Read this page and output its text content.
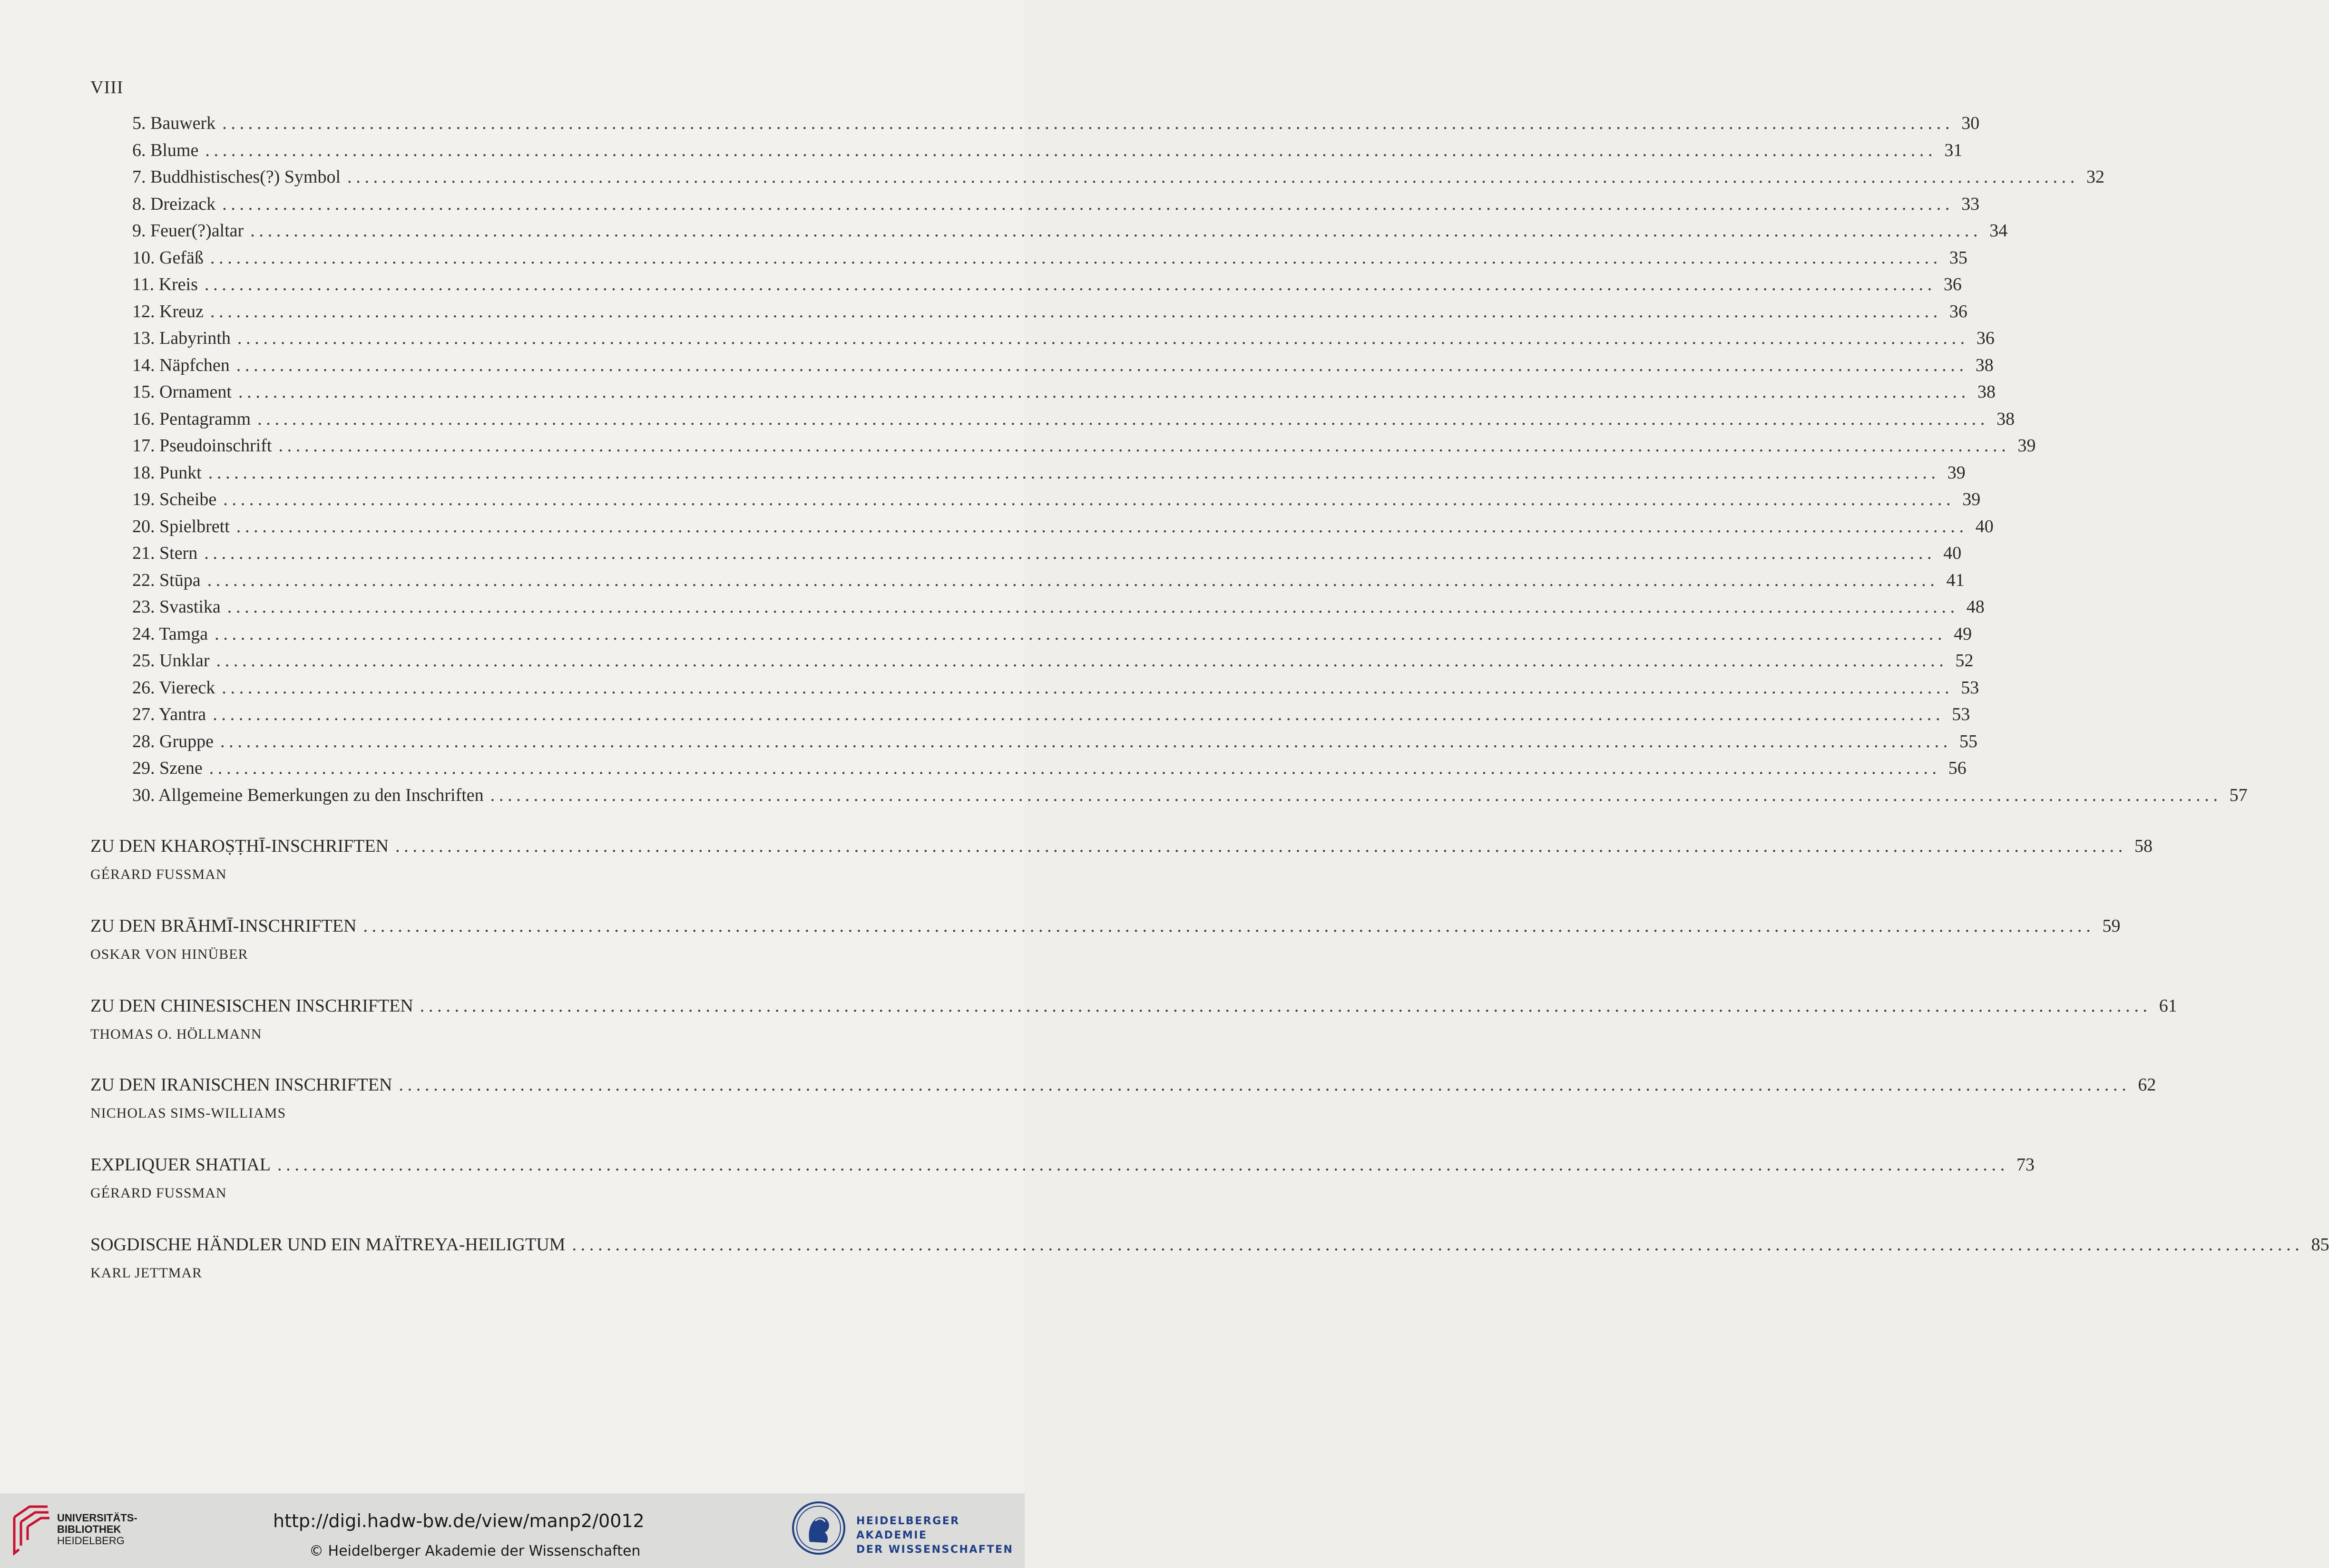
VIII
5. Bauwerk ........................................................................................................................................................................................................ 30
6. Blume ........................................................................................................................................................................................................ 31
7. Buddhistisches(?) Symbol ........................................................................................................................................................................................................ 32
8. Dreizack ........................................................................................................................................................................................................ 33
9. Feuer(?)altar ........................................................................................................................................................................................................ 34
10. Gefäß ........................................................................................................................................................................................................ 35
11. Kreis ........................................................................................................................................................................................................ 36
12. Kreuz ........................................................................................................................................................................................................ 36
13. Labyrinth ........................................................................................................................................................................................................ 36
14. Näpfchen ........................................................................................................................................................................................................ 38
15. Ornament ........................................................................................................................................................................................................ 38
16. Pentagramm ........................................................................................................................................................................................................ 38
17. Pseudoinschrift ........................................................................................................................................................................................................ 39
18. Punkt ........................................................................................................................................................................................................ 39
19. Scheibe ........................................................................................................................................................................................................ 39
20. Spielbrett ........................................................................................................................................................................................................ 40
21. Stern ........................................................................................................................................................................................................ 40
22. Stūpa ........................................................................................................................................................................................................ 41
23. Svastika ........................................................................................................................................................................................................ 48
24. Tamga ........................................................................................................................................................................................................ 49
25. Unklar ........................................................................................................................................................................................................ 52
26. Viereck ........................................................................................................................................................................................................ 53
27. Yantra ........................................................................................................................................................................................................ 53
28. Gruppe ........................................................................................................................................................................................................ 55
29. Szene ........................................................................................................................................................................................................ 56
30. Allgemeine Bemerkungen zu den Inschriften ........................................................................................................................................................................................................ 57
ZU DEN KHAROṢṬHĪ-INSCHRIFTEN ........................................................................................................................................................................................................ 58
GÉRARD FUSSMAN
ZU DEN BRĀHMĪ-INSCHRIFTEN ........................................................................................................................................................................................................ 59
OSKAR VON HINÜBER
ZU DEN CHINESISCHEN INSCHRIFTEN ........................................................................................................................................................................................................ 61
THOMAS O. HÖLLMANN
ZU DEN IRANISCHEN INSCHRIFTEN ........................................................................................................................................................................................................ 62
NICHOLAS SIMS-WILLIAMS
EXPLIQUER SHATIAL ........................................................................................................................................................................................................ 73
GÉRARD FUSSMAN
SOGDISCHE HÄNDLER UND EIN MAÏTREYA-HEILIGTUM ........................................................................................................................................................................................................ 85
KARL JETTMAR
UNIVERSITÄTS-
BIBLIOTHEK
HEIDELBERG
http://digi.hadw-bw.de/view/manp2/0012
© Heidelberger Akademie der Wissenschaften
HEIDELBERGER AKADEMIE
DER WISSENSCHAFTEN
